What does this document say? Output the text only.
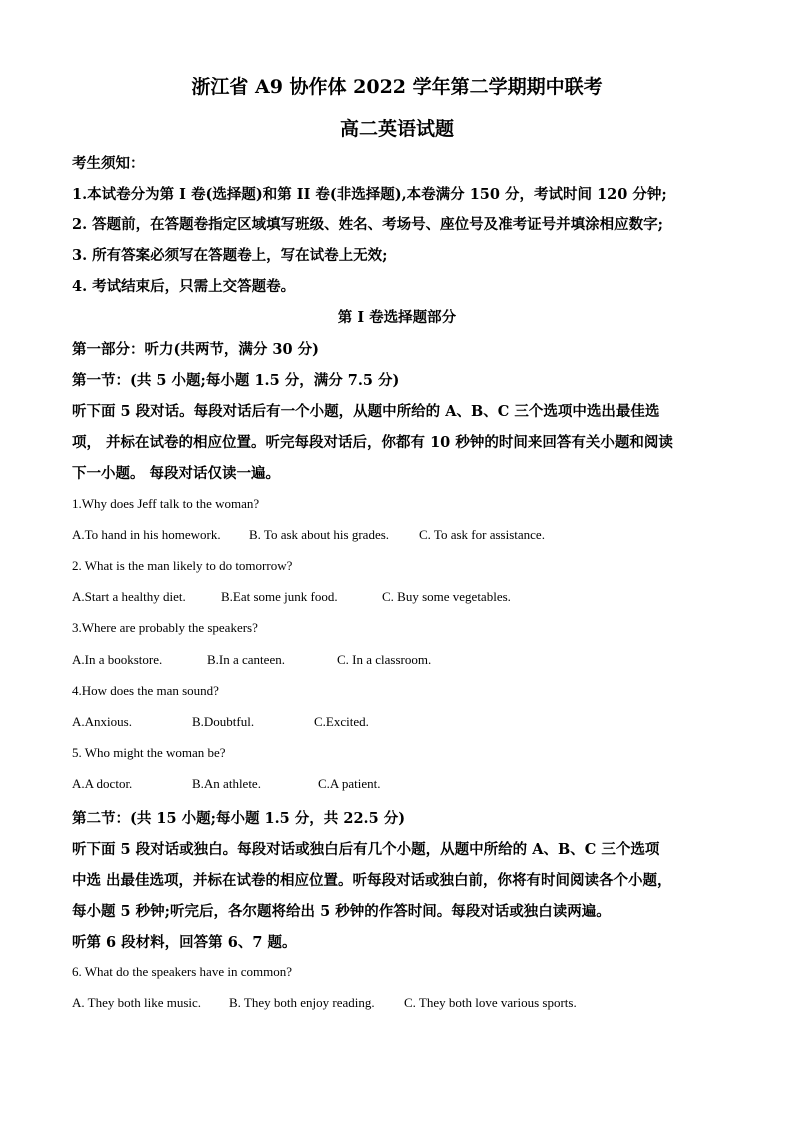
浙江省 A9 协作体 2022 学年第二学期期中联考
高二英语试题
考生须知：
1.本试卷分为第 I 卷(选择题)和第 II 卷(非选择题),本卷满分 150 分，考试时间 120 分钟;
2. 答题前，在答题卷指定区域填写班级、姓名、考场号、座位号及准考证号并填涂相应数字;
3. 所有答案必须写在答题卷上，写在试卷上无效;
4. 考试结束后，只需上交答题卷。
第 I 卷选择题部分
第一部分：听力(共两节，满分 30 分)
第一节：(共 5 小题;每小题 1.5 分，满分 7.5 分)
听下面 5 段对话。每段对话后有一个小题，从题中所给的 A、B、C 三个选项中选出最佳选
项， 并标在试卷的相应位置。听完每段对话后，你都有 10 秒钟的时间来回答有关小题和阅读
下一小题。 每段对话仅读一遍。
1.Why does Jeff talk to the woman?
A.To hand in his homework. B. To ask about his grades. C. To ask for assistance.
2. What is the man likely to do tomorrow?
A.Start a healthy diet.	B.Eat some junk food.	C. Buy some vegetables.
3.Where are probably the speakers?
A.In a bookstore.	B.In a canteen.	C. In a classroom.
4.How does the man sound?
A.Anxious.	B.Doubtful.	C.Excited.
5. Who might the woman be?
A.A doctor.	B.An athlete.	C.A patient.
第二节：(共 15 小题;每小题 1.5 分，共 22.5 分)
听下面 5 段对话或独白。每段对话或独白后有几个小题，从题中所给的 A、B、C 三个选项
中选 出最佳选项，并标在试卷的相应位置。听每段对话或独白前，你将有时间阅读各个小题，
每小题 5 秒钟;听完后，各尔题将给出 5 秒钟的作答时间。每段对话或独白读两遍。
听第 6 段材料，回答第 6、7 题。
6. What do the speakers have in common?
A. They both like music. B. They both enjoy reading. C. They both love various sports.
